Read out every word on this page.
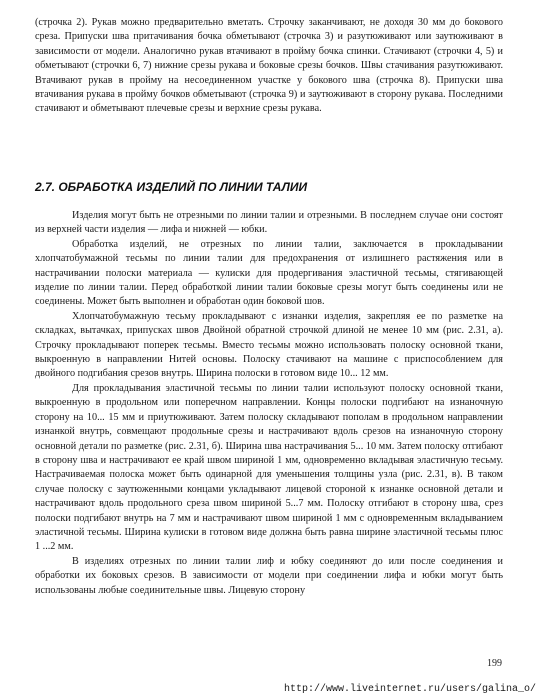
(строчка 2). Рукав можно предварительно вметать. Строчку заканчивают, не доходя 30 мм до бокового среза. Припуски шва притачивания бочка обметывают (строчка 3) и разутюживают или заутюживают в зависимости от модели. Аналогично рукав втачивают в пройму бочка спинки. Стачивают (строчки 4, 5) и обметывают (строчки 6, 7) нижние срезы рукава и боковые срезы бочков. Швы стачивания разутюживают. Втачивают рукав в пройму на несоединенном участке у бокового шва (строчка 8). Припуски шва втачивания рукава в пройму бочков обметывают (строчка 9) и заутюживают в сторону рукава. Последними стачивают и обметывают плечевые срезы и верхние срезы рукава.

2.7. ОБРАБОТКА ИЗДЕЛИЙ ПО ЛИНИИ ТАЛИИ

Изделия могут быть не отрезными по линии талии и отрезными. В последнем случае они состоят из верхней части изделия — лифа и нижней — юбки.

Обработка изделий, не отрезных по линии талии, заключается в прокладывании хлопчатобумажной тесьмы по линии талии для предохранения от излишнего растяжения или в настрачивании полоски материала — кулиски для продергивания эластичной тесьмы, стягивающей изделие по линии талии. Перед обработкой линии талии боковые срезы могут быть соединены или не соединены. Может быть выполнен и обработан один боковой шов.

Хлопчатобумажную тесьму прокладывают с изнанки изделия, закрепляя ее по разметке на складках, вытачках, припусках швов Двойной обратной строчкой длиной не менее 10 мм (рис. 2.31, а). Строчку прокладывают поперек тесьмы. Вместо тесьмы можно использовать полоску основной ткани, выкроенную в направлении Нитей основы. Полоску стачивают на машине с приспособлением для двойного подгибания срезов внутрь. Ширина полоски в готовом виде 10... 12 мм.

Для прокладывания эластичной тесьмы по линии талии используют полоску основной ткани, выкроенную в продольном или поперечном направлении. Концы полоски подгибают на изнаночную сторону на 10... 15 мм и приутюживают. Затем полоску складывают пополам в продольном направлении изнанкой внутрь, совмещают продольные срезы и настрачивают вдоль срезов на изнаночную сторону основной детали по разметке (рис. 2.31, б). Ширина шва настрачивания 5... 10 мм. Затем полоску отгибают в сторону шва и настрачивают ее край швом шириной 1 мм, одновременно вкладывая эластичную тесьму. Настрачиваемая полоска может быть одинарной для уменьшения толщины узла (рис. 2.31, в). В таком случае полоску с заутюженными концами укладывают лицевой стороной к изнанке основной детали и настрачивают вдоль продольного среза швом шириной 5...7 мм. Полоску отгибают в сторону шва, срез полоски подгибают внутрь на 7 мм и настрачивают швом шириной 1 мм с одновременным вкладыванием эластичной тесьмы. Ширина кулиски в готовом виде должна быть равна ширине эластичной тесьмы плюс 1 ...2 мм.

В изделиях отрезных по линии талии лиф и юбку соединяют до или после соединения и обработки их боковых срезов. В зависимости от модели при соединении лифа и юбки могут быть использованы любые соединительные швы. Лицевую сторону

199
http://www.liveinternet.ru/users/galina_o/
